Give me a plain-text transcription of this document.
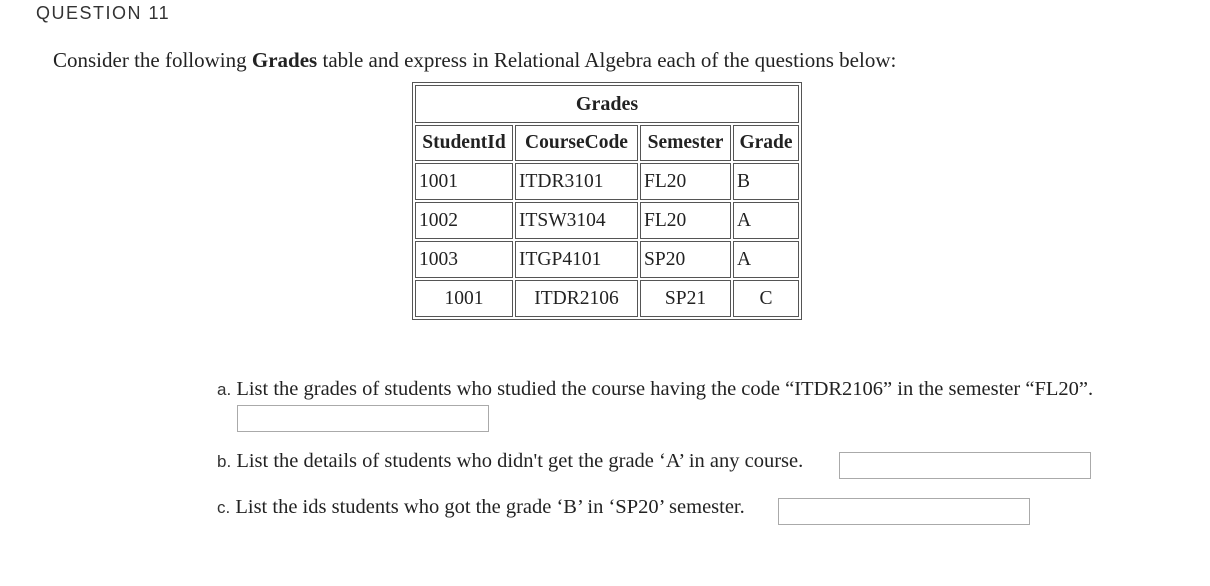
QUESTION 11
Consider the following Grades table and express in Relational Algebra each of the questions below:
Grades			
StudentId	CourseCode	Semester	Grade
1001	ITDR3101	FL20	B
1002	ITSW3104	FL20	A
1003	ITGP4101	SP20	A
1001	ITDR2106	SP21	C
a. List the grades of students who studied the course having the code “ITDR2106” in the semester “FL20”.
b. List the details of students who didn't get the grade ‘A’ in any course.
c. List the ids students who got the grade ‘B’ in ‘SP20’ semester.
